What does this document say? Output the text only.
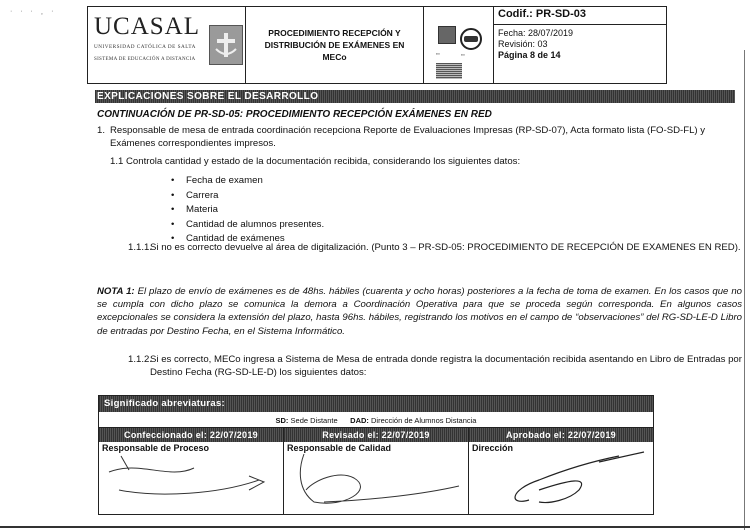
· · · ¸ ·
UCASAL
UNIVERSIDAD CATÓLICA DE SALTA
SISTEMA DE EDUCACIÓN A DISTANCIA
PROCEDIMIENTO RECEPCIÓN Y DISTRIBUCIÓN DE EXÁMENES EN MECo	▪▪▪	▪▪▪
Codif.: PR-SD-03
Fecha: 28/07/2019
Revisión: 03
Página 8 de 14
EXPLICACIONES SOBRE EL DESARROLLO
CONTINUACIÓN DE PR-SD-05: PROCEDIMIENTO RECEPCIÓN EXÁMENES EN RED
1. Responsable de mesa de entrada coordinación recepciona Reporte de Evaluaciones Impresas (RP-SD-07), Acta formato lista (FO-SD-FL) y Exámenes correspondientes impresos.
1.1 Controla cantidad y estado de la documentación recibida, considerando los siguientes datos:
• Fecha de examen
• Carrera
• Materia
• Cantidad de alumnos presentes.
• Cantidad de exámenes
1.1.1.
Si no es correcto devuelve al área de digitalización. (Punto 3 – PR-SD-05: PROCEDIMIENTO DE RECEPCIÓN DE EXAMENES EN RED).
NOTA 1: El plazo de envío de exámenes es de 48hs. hábiles (cuarenta y ocho horas) posteriores a la fecha de toma de examen. En los casos que no se cumpla con dicho plazo se comunica la demora a Coordinación Operativa para que se proceda según corresponda. En algunos casos excepcionales se considera la extensión del plazo, hasta 96hs. hábiles, registrando los motivos en el campo de “observaciones” del RG-SD-LE-D Libro de entradas por Destino Fecha, en el Sistema Informático.
1.1.2.
Si es correcto, MECo ingresa a Sistema de Mesa de entrada donde registra la documentación recibida asentando en Libro de Entradas por Destino Fecha (RG-SD-LE-D) los siguientes datos:
Significado abreviaturas:
SD: Sede Distante DAD: Dirección de Alumnos Distancia
Confeccionado el: 22/07/2019
Responsable de Proceso
Revisado el: 22/07/2019
Responsable de Calidad
Aprobado el: 22/07/2019
Dirección
